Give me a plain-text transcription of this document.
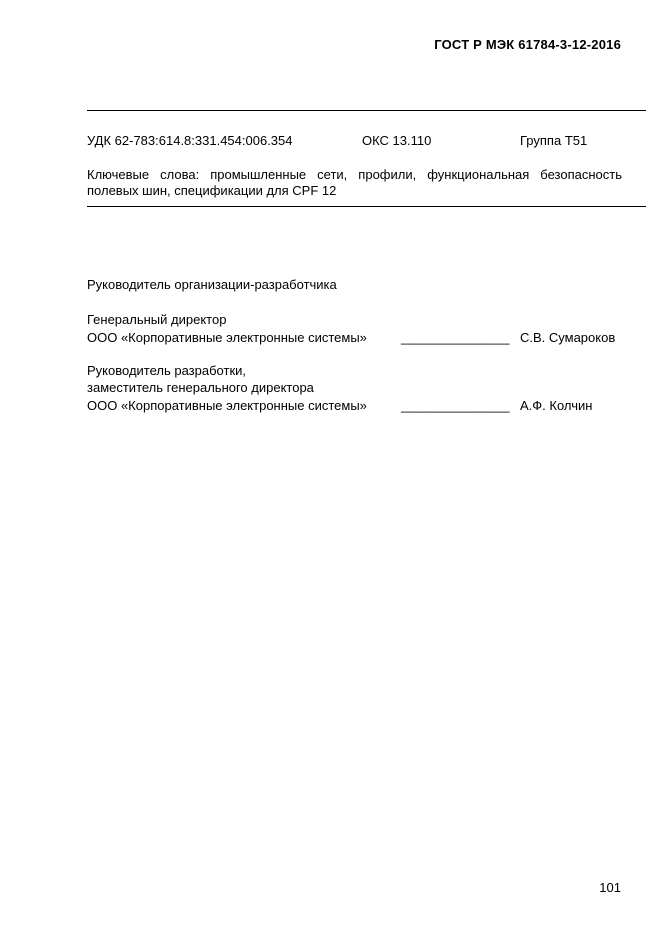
ГОСТ Р МЭК 61784-3-12-2016
УДК 62-783:614.8:331.454:006.354	ОКС 13.110	Группа Т51
Ключевые слова: промышленные сети, профили, функциональная безопасность полевых шин, спецификации для CPF 12
Руководитель организации-разработчика
Генеральный директор
ООО «Корпоративные электронные системы»	_______________ С.В. Сумароков
Руководитель разработки,
заместитель генерального директора
ООО «Корпоративные электронные системы»	_______________ А.Ф. Колчин
101
